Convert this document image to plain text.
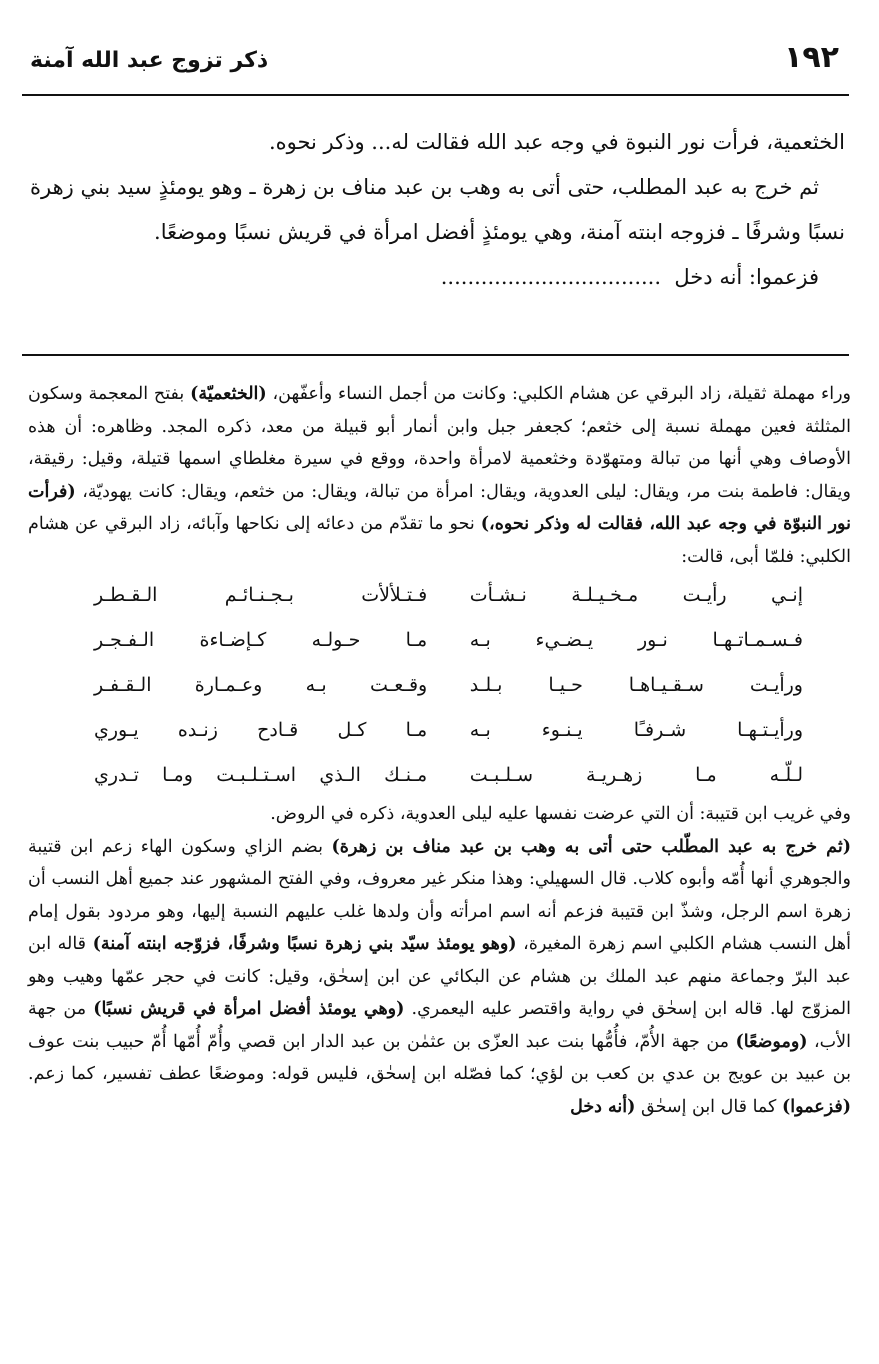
١٩٢
ذكر تزوج عبد الله آمنة

الخثعمية، فرأت نور النبوة في وجه عبد الله فقالت له... وذكر نحوه.

ثم خرج به عبد المطلب، حتى أتى به وهب بن عبد مناف بن زهرة ـ وهو يومئذٍ سيد بني زهرة نسبًا وشرفًا ـ فزوجه ابنته آمنة، وهي يومئذٍ أفضل امرأة في قريش نسبًا وموضعًا.

فزعموا: أنه دخل  .................................

وراء مهملة ثقيلة، زاد البرقي عن هشام الكلبي: وكانت من أجمل النساء وأعفّهن، (الخثعميّة) بفتح المعجمة وسكون المثلثة فعين مهملة نسبة إلى خثعم؛ كجعفر جبل وابن أنمار أبو قبيلة من معد، ذكره المجد. وظاهره: أن هذه الأوصاف وهي أنها من تبالة ومتهوّدة وخثعمية لامرأة واحدة، ووقع في سيرة مغلطاي اسمها قتيلة، وقيل: رقيقة، ويقال: فاطمة بنت مر، ويقال: ليلى العدوية، ويقال: امرأة من تبالة، ويقال: من خثعم، ويقال: كانت يهوديّة، (فرأت نور النبوّة في وجه عبد الله، فقالت له وذكر نحوه،) نحو ما تقدّم من دعائه إلى نكاحها وآبائه، زاد البرقي عن هشام الكلبي: فلمّا أبى، قالت:

إنـي رأيـت مـخـيـلـة نـشـأت
فـتـلألأت بـجـنـائـم الـقـطـر
فـسـمـاتـهـا نـور يـضـيء بـه
مـا حـولـه كـإضـاءة الـفـجـر
ورأيـت سـقـيـاهـا حـيـا بـلـد
وقـعـت بـه وعـمـارة الـقـفـر
ورأيـتـهـا شـرفـًا يـنـوء بـه
مـا كـل قـادح زنـده يـوري
لـلّـه مـا زهـريـة سـلـبـت
مـنـك الـذي اسـتـلـبـت ومـا تـدري

وفي غريب ابن قتيبة: أن التي عرضت نفسها عليه ليلى العدوية، ذكره في الروض.

(ثم خرج به عبد المطّلب حتى أتى به وهب بن عبد مناف بن زهرة) بضم الزاي وسكون الهاء زعم ابن قتيبة والجوهري أنها أُمّه وأبوه كلاب. قال السهيلي: وهذا منكر غير معروف، وفي الفتح المشهور عند جميع أهل النسب أن زهرة اسم الرجل، وشذّ ابن قتيبة فزعم أنه اسم امرأته وأن ولدها غلب عليهم النسبة إليها، وهو مردود بقول إمام أهل النسب هشام الكلبي اسم زهرة المغيرة، (وهو يومئذ سيّد بني زهرة نسبًا وشرفًا، فزوّجه ابنته آمنة) قاله ابن عبد البرّ وجماعة منهم عبد الملك بن هشام عن البكائي عن ابن إسحٰق، وقيل: كانت في حجر عمّها وهيب وهو المزوّج لها. قاله ابن إسحٰق في رواية واقتصر عليه اليعمري. (وهي يومئذ أفضل امرأة في قريش نسبًا) من جهة الأب، (وموضعًا) من جهة الأُمّ، فأُمُّها بنت عبد العزّى بن عثمٰن بن عبد الدار ابن قصي وأُمّ أُمّها أُمّ حبيب بنت عوف بن عبيد بن عويج بن عدي بن كعب بن لؤي؛ كما فصّله ابن إسحٰق، فليس قوله: وموضعًا عطف تفسير، كما زعم. (فزعموا) كما قال ابن إسحٰق (أنه دخل
